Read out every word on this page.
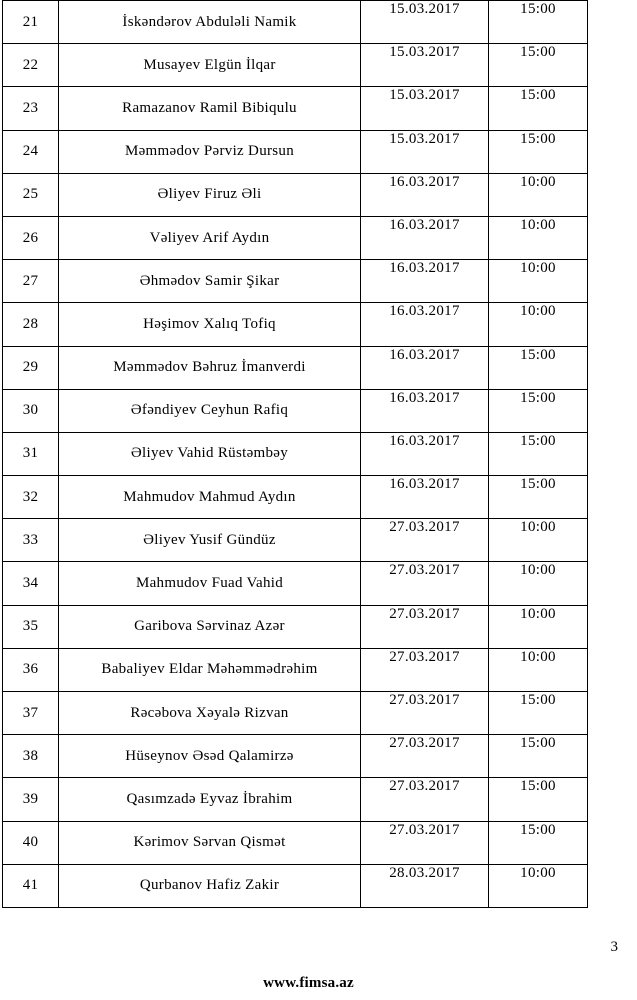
21	İskəndərov Abduləli Namik	15.03.2017	15:00
22	Musayev Elgün İlqar	15.03.2017	15:00
23	Ramazanov Ramil Bibiqulu	15.03.2017	15:00
24	Məmmədov Pərviz Dursun	15.03.2017	15:00
25	Əliyev Firuz Əli	16.03.2017	10:00
26	Vəliyev Arif Aydın	16.03.2017	10:00
27	Əhmədov Samir Şikar	16.03.2017	10:00
28	Həşimov Xalıq Tofiq	16.03.2017	10:00
29	Məmmədov Bəhruz İmanverdi	16.03.2017	15:00
30	Əfəndiyev Ceyhun Rafiq	16.03.2017	15:00
31	Əliyev Vahid Rüstəmbəy	16.03.2017	15:00
32	Mahmudov Mahmud Aydın	16.03.2017	15:00
33	Əliyev Yusif Gündüz	27.03.2017	10:00
34	Mahmudov Fuad Vahid	27.03.2017	10:00
35	Garibova Sərvinaz Azər	27.03.2017	10:00
36	Babaliyev Eldar Məhəmmədrəhim	27.03.2017	10:00
37	Rəcəbova Xəyalə Rizvan	27.03.2017	15:00
38	Hüseynov Əsəd Qalamirzə	27.03.2017	15:00
39	Qasımzadə Eyvaz İbrahim	27.03.2017	15:00
40	Kərimov Sərvan Qismət	27.03.2017	15:00
41	Qurbanov Hafiz Zakir	28.03.2017	10:00
3
www.fimsa.az
